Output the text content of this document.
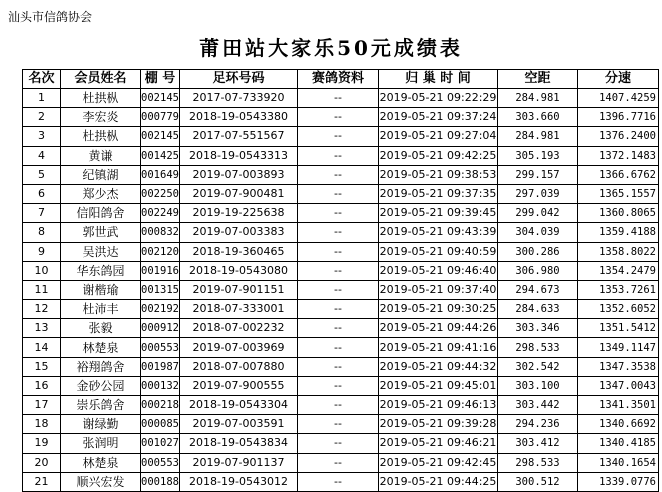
汕头市信鸽协会
莆田站大家乐50元成绩表
名次	会员姓名	棚 号	足环号码	赛鸽资料	归 巢 时 间	空距	分速
1	杜拱枞	002145	2017-07-733920	--	2019-05-21 09:22:29	284.981	1407.4259
2	李宏炎	000779	2018-19-0543380	--	2019-05-21 09:37:24	303.660	1396.7716
3	杜拱枞	002145	2017-07-551567	--	2019-05-21 09:27:04	284.981	1376.2400
4	黄谦	001425	2018-19-0543313	--	2019-05-21 09:42:25	305.193	1372.1483
5	纪镇湖	001649	2019-07-003893	--	2019-05-21 09:38:53	299.157	1366.6762
6	郑少杰	002250	2019-07-900481	--	2019-05-21 09:37:35	297.039	1365.1557
7	信阳鸽舍	002249	2019-19-225638	--	2019-05-21 09:39:45	299.042	1360.8065
8	郭世武	000832	2019-07-003383	--	2019-05-21 09:43:39	304.039	1359.4188
9	吴洪达	002120	2018-19-360465	--	2019-05-21 09:40:59	300.286	1358.8022
10	华东鸽园	001916	2018-19-0543080	--	2019-05-21 09:46:40	306.980	1354.2479
11	谢楷瑜	001315	2019-07-901151	--	2019-05-21 09:37:40	294.673	1353.7261
12	杜沛丰	002192	2018-07-333001	--	2019-05-21 09:30:25	284.633	1352.6052
13	张毅	000912	2018-07-002232	--	2019-05-21 09:44:26	303.346	1351.5412
14	林楚泉	000553	2019-07-003969	--	2019-05-21 09:41:16	298.533	1349.1147
15	裕翔鸽舍	001987	2018-07-007880	--	2019-05-21 09:44:32	302.542	1347.3538
16	金砂公园	000132	2019-07-900555	--	2019-05-21 09:45:01	303.100	1347.0043
17	崇乐鸽舍	000218	2018-19-0543304	--	2019-05-21 09:46:13	303.442	1341.3501
18	谢绿勤	000085	2019-07-003591	--	2019-05-21 09:39:28	294.236	1340.6692
19	张润明	001027	2018-19-0543834	--	2019-05-21 09:46:21	303.412	1340.4185
20	林楚泉	000553	2019-07-901137	--	2019-05-21 09:42:45	298.533	1340.1654
21	顺兴宏发	000188	2018-19-0543012	--	2019-05-21 09:44:25	300.512	1339.0776
